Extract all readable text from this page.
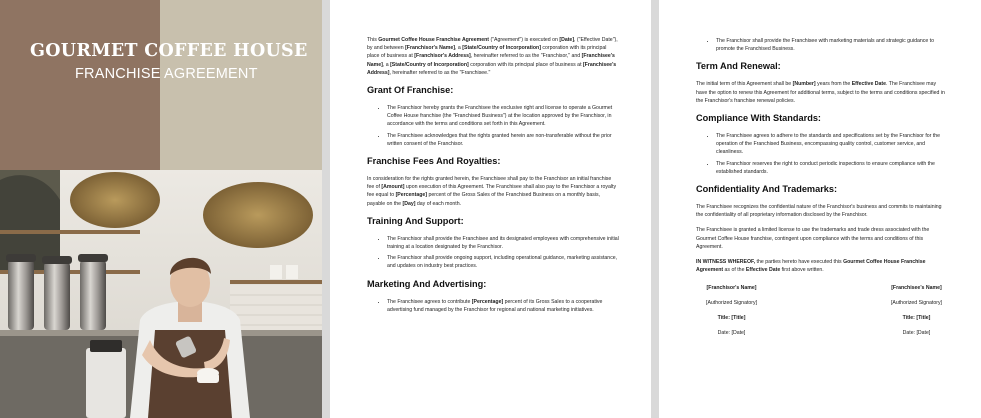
GOURMET COFFEE HOUSE
FRANCHISE AGREEMENT

This Gourmet Coffee House Franchise Agreement ("Agreement") is executed on [Date], ("Effective Date"), by and between [Franchisor's Name], a [State/Country of Incorporation] corporation with its principal place of business at [Franchisor's Address], hereinafter referred to as the "Franchisor," and [Franchisee's Name], a [State/Country of Incorporation] corporation with its principal place of business at [Franchisee's Address], hereinafter referred to as the "Franchisee."

Grant Of Franchise:
• The Franchisor hereby grants the Franchisee the exclusive right and license to operate a Gourmet Coffee House franchise (the "Franchised Business") at the location approved by the Franchisor, in accordance with the terms and conditions set forth in this Agreement.
• The Franchisee acknowledges that the rights granted herein are non-transferable without the prior written consent of the Franchisor.
Franchise Fees And Royalties:

In consideration for the rights granted herein, the Franchisee shall pay to the Franchisor an initial franchise fee of [Amount] upon execution of this Agreement. The Franchisee shall also pay to the Franchisor a royalty fee equal to [Percentage] percent of the Gross Sales of the Franchised Business on a monthly basis, payable on the [Day] day of each month.

Training And Support:
• The Franchisor shall provide the Franchisee and its designated employees with comprehensive initial training at a location designated by the Franchisor.
• The Franchisor shall provide ongoing support, including operational guidance, marketing assistance, and updates on industry best practices.
Marketing And Advertising:
• The Franchisee agrees to contribute [Percentage] percent of its Gross Sales to a cooperative advertising fund managed by the Franchisor for regional and national marketing initiatives.
• The Franchisor shall provide the Franchisee with marketing materials and strategic guidance to promote the Franchised Business.
Term And Renewal:

The initial term of this Agreement shall be [Number] years from the Effective Date. The Franchisee may have the option to renew this Agreement for additional terms, subject to the terms and conditions specified in the Franchisor's franchise renewal policies.

Compliance With Standards:
• The Franchisee agrees to adhere to the standards and specifications set by the Franchisor for the operation of the Franchised Business, encompassing quality control, customer service, and cleanliness.
• The Franchisor reserves the right to conduct periodic inspections to ensure compliance with the established standards.
Confidentiality And Trademarks:

The Franchisee recognizes the confidential nature of the Franchisor's business and commits to maintaining the confidentiality of all proprietary information disclosed by the Franchisor.

The Franchisee is granted a limited license to use the trademarks and trade dress associated with the Gourmet Coffee House franchise, contingent upon compliance with the terms and conditions of this Agreement.

IN WITNESS WHEREOF, the parties hereto have executed this Gourmet Coffee House Franchise Agreement as of the Effective Date first above written.

[Franchisor's Name]
[Authorized Signatory]
Title: [Title]
Date: [Date]
[Franchisee's Name]
[Authorized Signatory]
Title: [Title]
Date: [Date]
